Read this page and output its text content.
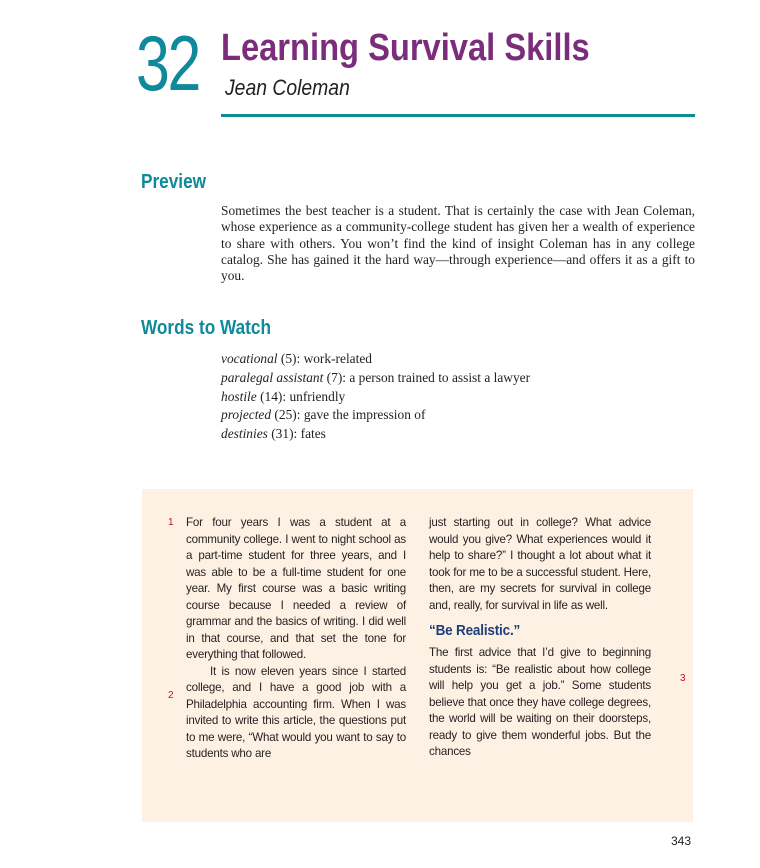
32 Learning Survival Skills
Jean Coleman
Preview

Sometimes the best teacher is a student. That is certainly the case with Jean Coleman, whose experience as a community-college student has given her a wealth of experience to share with others. You won’t find the kind of insight Coleman has in any college catalog. She has gained it the hard way—through experience—and offers it as a gift to you.

Words to Watch
vocational (5): work-related
paralegal assistant (7): a person trained to assist a lawyer
hostile (14): unfriendly
projected (25): gave the impression of
destinies (31): fates
1
2
3

For four years I was a student at a community college. I went to night school as a part-time student for three years, and I was able to be a full-time student for one year. My first course was a basic writing course because I needed a review of grammar and the basics of writing. I did well in that course, and that set the tone for everything that followed.

It is now eleven years since I started college, and I have a good job with a Philadelphia accounting firm. When I was invited to write this article, the questions put to me were, “What would you want to say to students who are

just starting out in college? What advice would you give? What experiences would it help to share?” I thought a lot about what it took for me to be a successful student. Here, then, are my secrets for survival in college and, really, for survival in life as well.

“Be Realistic.”

The first advice that I’d give to beginning students is: “Be realistic about how college will help you get a job.” Some students believe that once they have college degrees, the world will be waiting on their doorsteps, ready to give them wonderful jobs. But the chances

343
